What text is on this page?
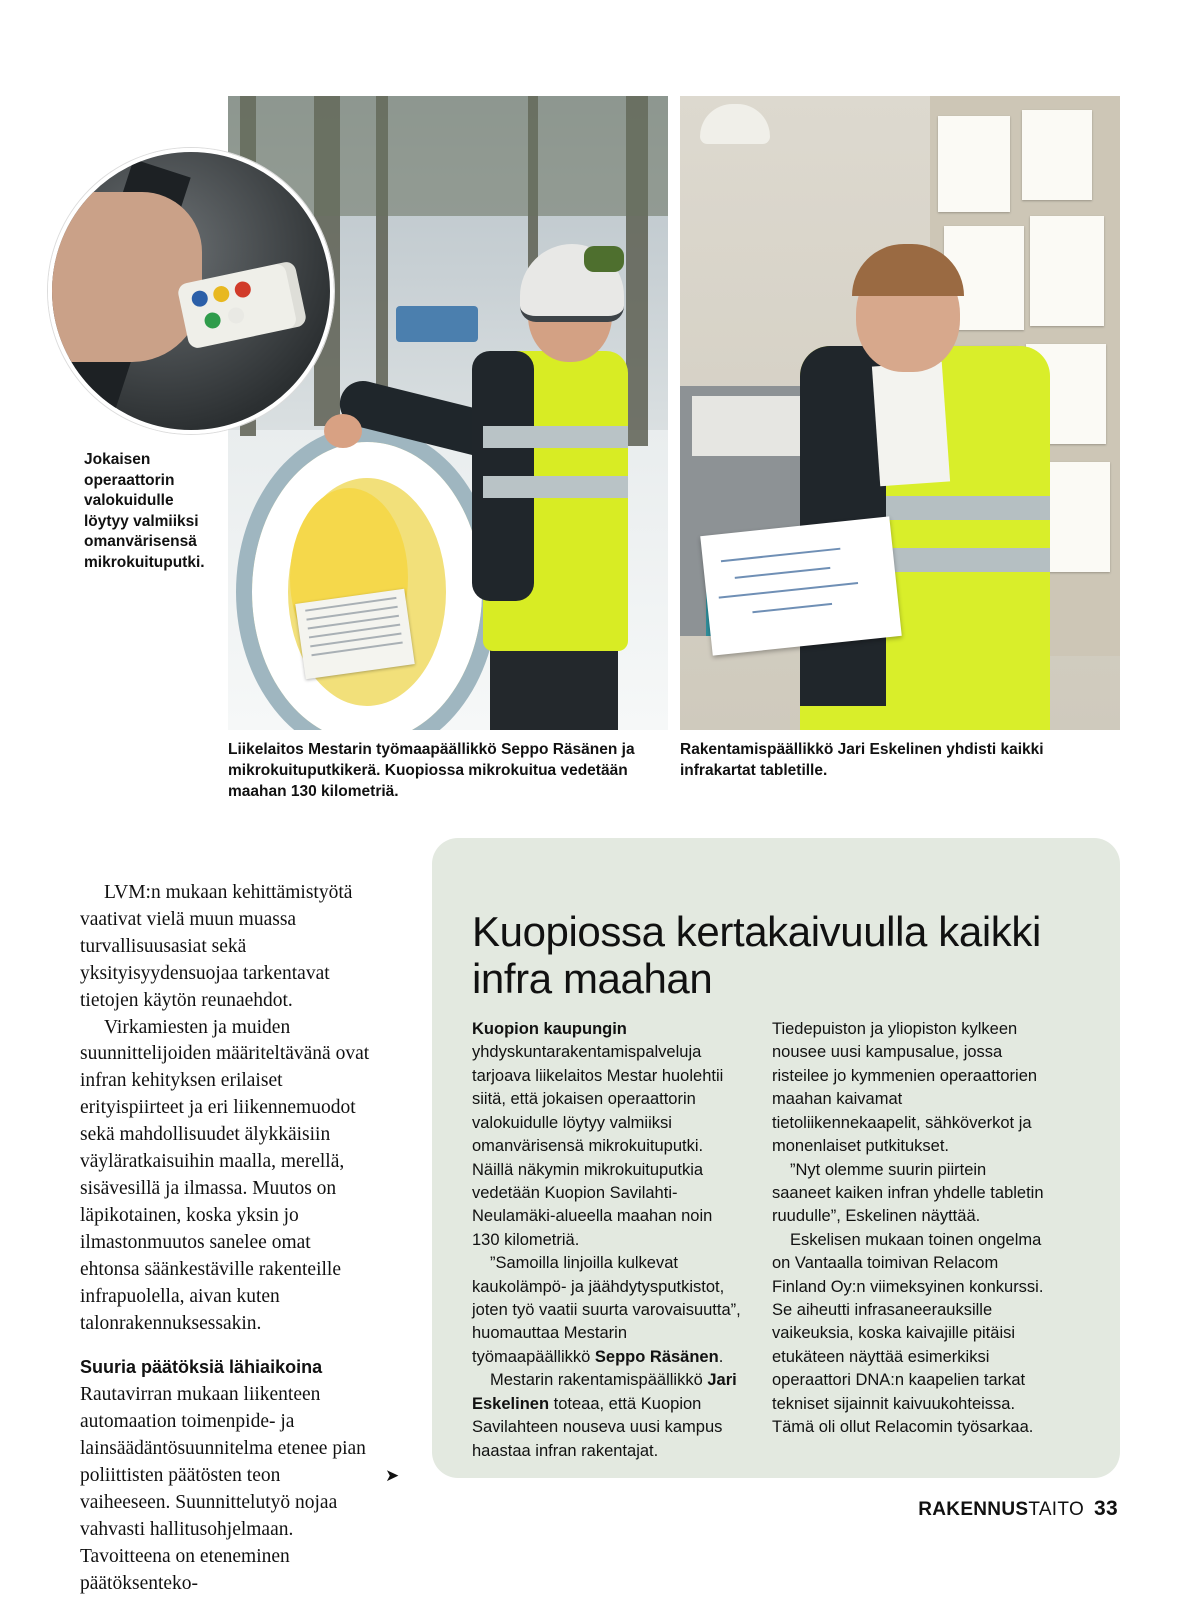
Jokaisen operaattorin valokuidulle löytyy valmiiksi omanvärisensä mikrokuituputki.
Liikelaitos Mestarin työmaapäällikkö Seppo Räsänen ja mikrokuituputkikerä. Kuopiossa mikrokuitua vedetään maahan 130 kilometriä.
Rakentamispäällikkö Jari Eskelinen yhdisti kaikki infrakartat tabletille.

LVM:n mukaan kehittämistyötä vaativat vielä muun muassa turvallisuusasiat sekä yksityisyydensuojaa tarkentavat tietojen käytön reunaehdot.

Virkamiesten ja muiden suunnittelijoiden määriteltävänä ovat infran kehityksen erilaiset erityispiirteet ja eri liikennemuodot sekä mahdollisuudet älykkäisiin väyläratkaisuihin maalla, merellä, sisävesillä ja ilmassa. Muutos on läpikotainen, koska yksin jo ilmastonmuutos sanelee omat ehtonsa säänkestäville rakenteille infrapuolella, aivan kuten talonrakennuksessakin.

Suuria päätöksiä lähiaikoina

Rautavirran mukaan liikenteen automaation toimenpide- ja lainsäädäntösuunnitelma etenee pian poliittisten päätösten teon vaiheeseen. Suunnittelutyö nojaa vahvasti hallitusohjelmaan. Tavoitteena on eteneminen päätöksenteko-

➤
Kuopiossa kertakaivuulla kaikki infra maahan

Kuopion kaupungin yhdyskuntarakentamispalveluja tarjoava liikelaitos Mestar huolehtii siitä, että jokaisen operaattorin valokuidulle löytyy valmiiksi omanvärisensä mikrokuituputki. Näillä näkymin mikrokuituputkia vedetään Kuopion Savilahti-Neulamäki-alueella maahan noin 130 kilometriä.

”Samoilla linjoilla kulkevat kaukolämpö- ja jäähdytysputkistot, joten työ vaatii suurta varovaisuutta”, huomauttaa Mestarin työmaapäällikkö Seppo Räsänen.

Mestarin rakentamispäällikkö Jari Eskelinen toteaa, että Kuopion Savilahteen nouseva uusi kampus haastaa infran rakentajat.

Tiedepuiston ja yliopiston kylkeen nousee uusi kampusalue, jossa risteilee jo kymmenien operaattorien maahan kaivamat tietoliikennekaapelit, sähköverkot ja monenlaiset putkitukset.

”Nyt olemme suurin piirtein saaneet kaiken infran yhdelle tabletin ruudulle”, Eskelinen näyttää.

Eskelisen mukaan toinen ongelma on Vantaalla toimivan Relacom Finland Oy:n viimeksyinen konkurssi. Se aiheutti infrasaneerauksille vaikeuksia, koska kaivajille pitäisi etukäteen näyttää esimerkiksi operaattori DNA:n kaapelien tarkat tekniset sijainnit kaivuukohteissa. Tämä oli ollut Relacomin työsarkaa.

RAKENNUSTAITO 33
